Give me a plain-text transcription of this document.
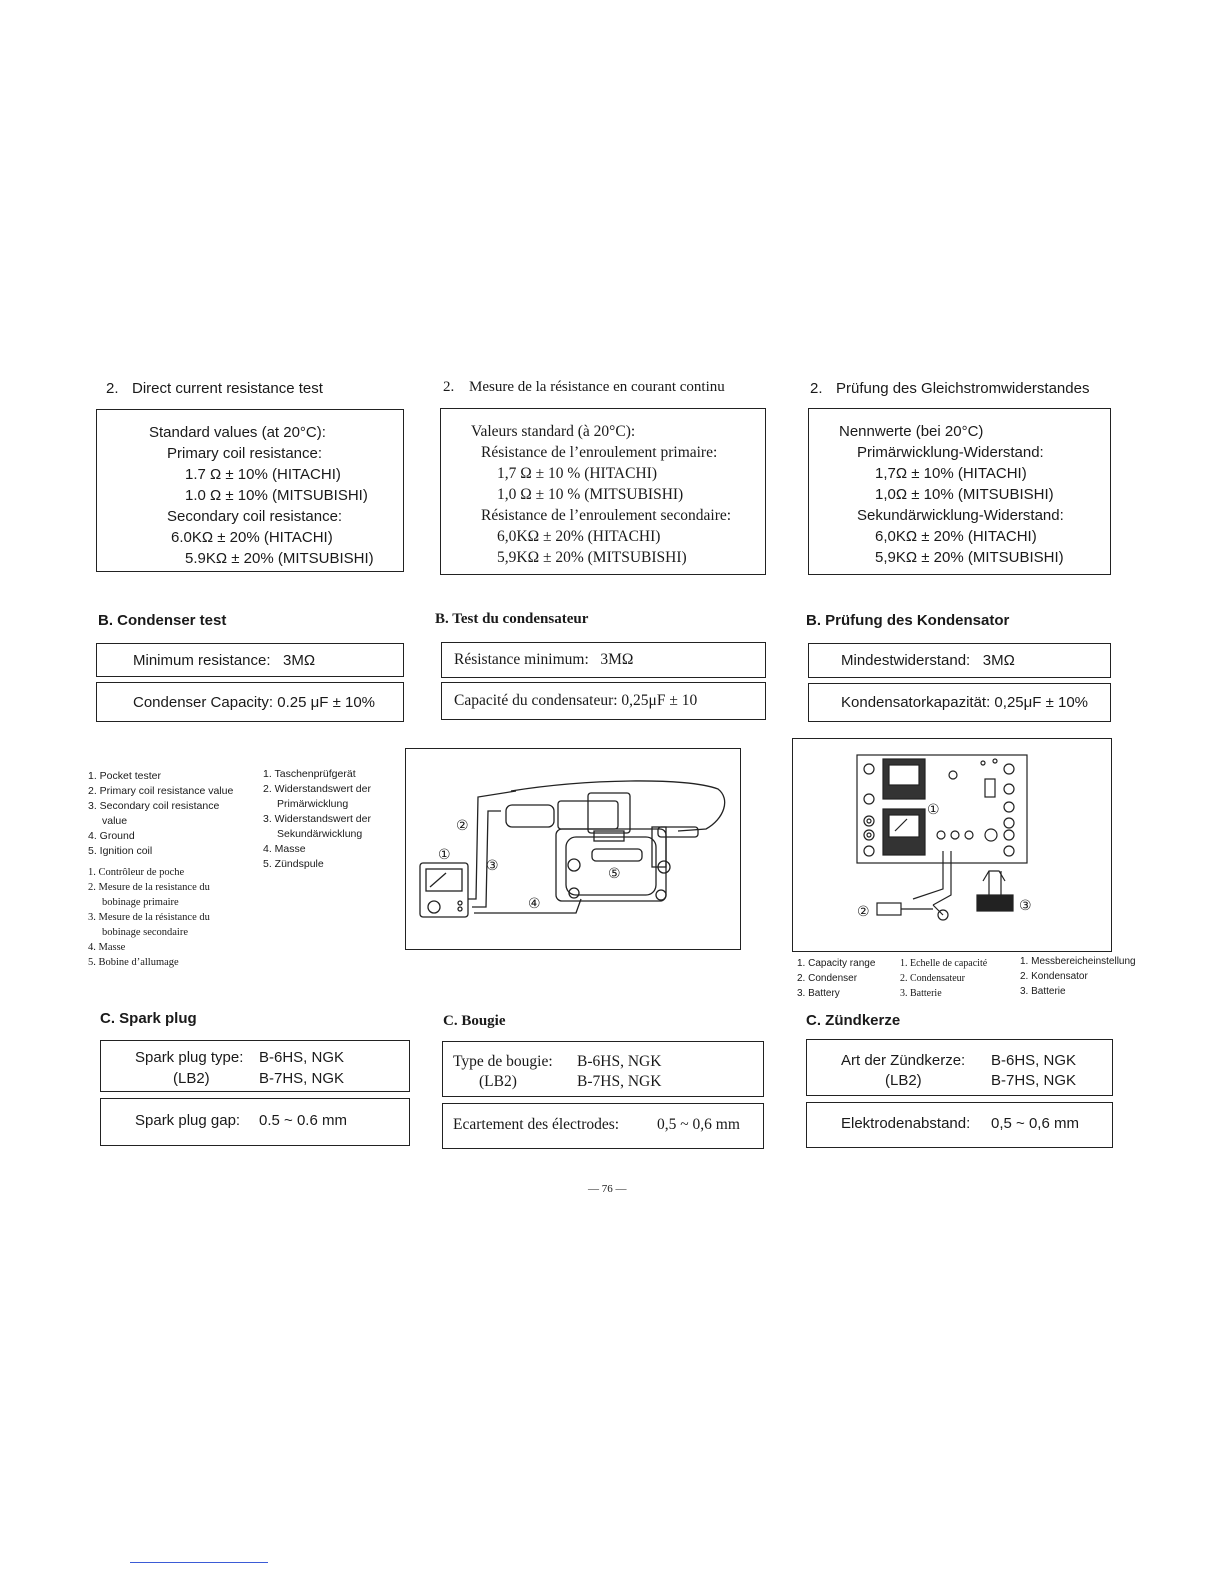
2. Direct current resistance test
Standard values (at 20°C):
Primary coil resistance:
1.7 Ω ± 10% (HITACHI)
1.0 Ω ± 10% (MITSUBISHI)
Secondary coil resistance:
6.0KΩ ± 20% (HITACHI)
5.9KΩ ± 20% (MITSUBISHI)
B. Condenser test
Minimum resistance:   3MΩ
Condenser Capacity: 0.25 μF ± 10%
1. Pocket tester
2. Primary coil resistance value
3. Secondary coil resistance
value
4. Ground
5. Ignition coil
1. Contrôleur de poche
2. Mesure de la resistance du
bobinage primaire
3. Mesure de la résistance du
bobinage secondaire
4. Masse
5. Bobine d’allumage
1. Taschenprüfgerät
2. Widerstandswert der
Primärwicklung
3. Widerstandswert der
Sekundärwicklung
4. Masse
5. Zündspule
C. Spark plug
Spark plug type: B-6HS, NGK
(LB2)	B-7HS, NGK
Spark plug gap: 0.5 ~ 0.6 mm
2. Mesure de la résistance en courant continu
Valeurs standard (à 20°C):
Résistance de l’enroulement primaire:
1,7 Ω ± 10 % (HITACHI)
1,0 Ω ± 10 % (MITSUBISHI)
Résistance de l’enroulement secondaire:
6,0KΩ ± 20% (HITACHI)
5,9KΩ ± 20% (MITSUBISHI)
B. Test du condensateur
Résistance minimum:   3MΩ
Capacité du condensateur: 0,25μF ± 10
②
①
③
④
⑤
C. Bougie
Type de bougie: B-6HS, NGK
(LB2)	B-7HS, NGK
Ecartement des électrodes: 0,5 ~ 0,6 mm
2. Prüfung des Gleichstromwiderstandes
Nennwerte (bei 20°C)
Primärwicklung-Widerstand:
1,7Ω ± 10% (HITACHI)
1,0Ω ± 10% (MITSUBISHI)
Sekundärwicklung-Widerstand:
6,0KΩ ± 20% (HITACHI)
5,9KΩ ± 20% (MITSUBISHI)
B. Prüfung des Kondensator
Mindestwiderstand:   3MΩ
Kondensatorkapazität: 0,25μF ± 10%
①
②	③
1. Capacity range
2. Condenser
3. Battery
1. Echelle de capacité
2. Condensateur
3. Batterie
1. Messbereicheinstellung
2. Kondensator
3. Batterie
C. Zündkerze
Art der Zündkerze: B-6HS, NGK
(LB2)	B-7HS, NGK
Elektrodenabstand: 0,5 ~ 0,6 mm
— 76 —
